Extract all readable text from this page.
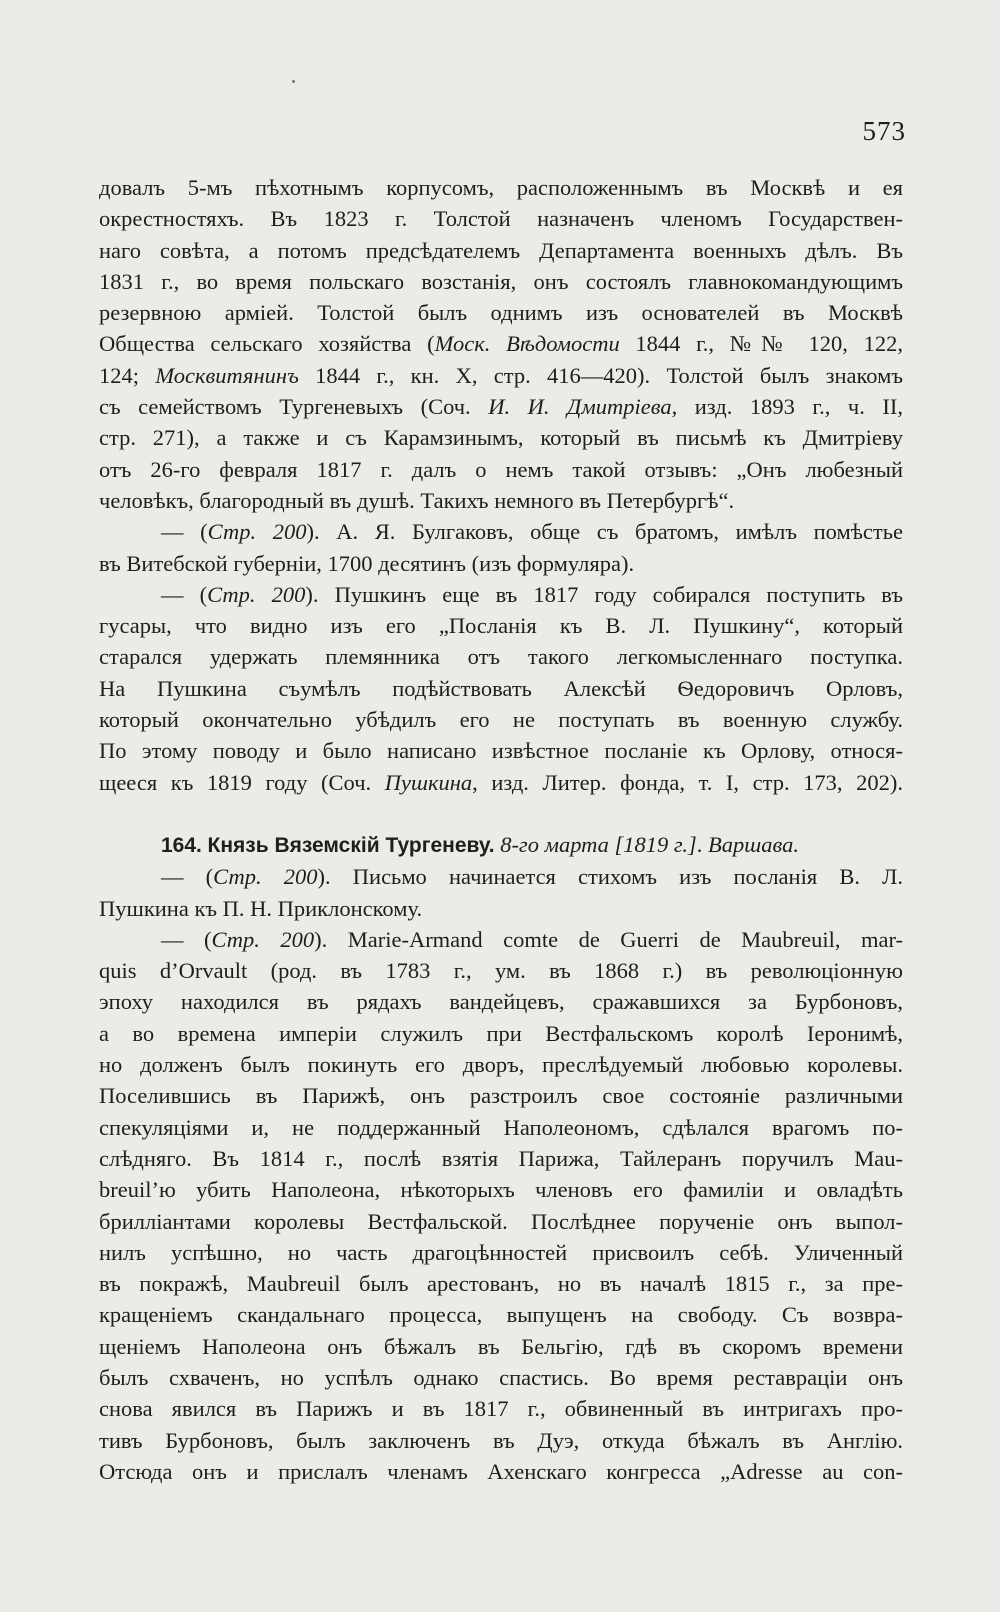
573
довалъ 5-мъ пѣхотнымъ корпусомъ, расположеннымъ въ Москвѣ и ея
окрестностяхъ. Въ 1823 г. Толстой назначенъ членомъ Государствен-
наго совѣта, а потомъ предсѣдателемъ Департамента военныхъ дѣлъ. Въ
1831 г., во время польскаго возстанія, онъ состоялъ главнокомандующимъ
резервною арміей. Толстой былъ однимъ изъ основателей въ Москвѣ
Общества сельскаго хозяйства (Моск. Вѣдомости 1844 г., №№ 120, 122,
124; Москвитянинъ 1844 г., кн. X, стр. 416—420). Толстой былъ знакомъ
съ семействомъ Тургеневыхъ (Соч. И. И. Дмитріева, изд. 1893 г., ч. II,
стр. 271), а также и съ Карамзинымъ, который въ письмѣ къ Дмитріеву
отъ 26-го февраля 1817 г. далъ о немъ такой отзывъ: „Онъ любезный
человѣкъ, благородный въ душѣ. Такихъ немного въ Петербургѣ“.
— (Стр. 200). А. Я. Булгаковъ, обще съ братомъ, имѣлъ помѣстье
въ Витебской губерніи, 1700 десятинъ (изъ формуляра).
— (Стр. 200). Пушкинъ еще въ 1817 году собирался поступить въ
гусары, что видно изъ его „Посланія къ В. Л. Пушкину“, который
старался удержать племянника отъ такого легкомысленнаго поступка.
На Пушкина съумѣлъ подѣйствовать Алексѣй Ѳедоровичъ Орловъ,
который окончательно убѣдилъ его не поступать въ военную службу.
По этому поводу и было написано извѣстное посланіе къ Орлову, относя-
щееся къ 1819 году (Соч. Пушкина, изд. Литер. фонда, т. I, стр. 173, 202).
164. Князь Вяземскій Тургеневу. 8-го марта [1819 г.]. Варшава.
— (Стр. 200). Письмо начинается стихомъ изъ посланія В. Л.
Пушкина къ П. Н. Приклонскому.
— (Стр. 200). Marie-Armand comte de Guerri de Maubreuil, mar-
quis d’Orvault (род. въ 1783 г., ум. въ 1868 г.) въ революціонную
эпоху находился въ рядахъ вандейцевъ, сражавшихся за Бурбоновъ,
а во времена имперіи служилъ при Вестфальскомъ королѣ Іеронимѣ,
но долженъ былъ покинуть его дворъ, преслѣдуемый любовью королевы.
Поселившись въ Парижѣ, онъ разстроилъ свое состояніе различными
спекуляціями и, не поддержанный Наполеономъ, сдѣлался врагомъ по-
слѣдняго. Въ 1814 г., послѣ взятія Парижа, Тайлеранъ поручилъ Mau-
breuil’ю убить Наполеона, нѣкоторыхъ членовъ его фамиліи и овладѣть
бриллiантами королевы Вестфальской. Послѣднее порученіе онъ выпол-
нилъ успѣшно, но часть драгоцѣнностей присвоилъ себѣ. Уличенный
въ покражѣ, Maubreuil былъ арестованъ, но въ началѣ 1815 г., за пре-
кращеніемъ скандальнаго процесса, выпущенъ на свободу. Съ возвра-
щеніемъ Наполеона онъ бѣжалъ въ Бельгію, гдѣ въ скоромъ времени
былъ схваченъ, но успѣлъ однако спастись. Во время реставраціи онъ
снова явился въ Парижъ и въ 1817 г., обвиненный въ интригахъ про-
тивъ Бурбоновъ, былъ заключенъ въ Дуэ, откуда бѣжалъ въ Англію.
Отсюда онъ и прислалъ членамъ Ахенскаго конгресса „Adresse au con-
